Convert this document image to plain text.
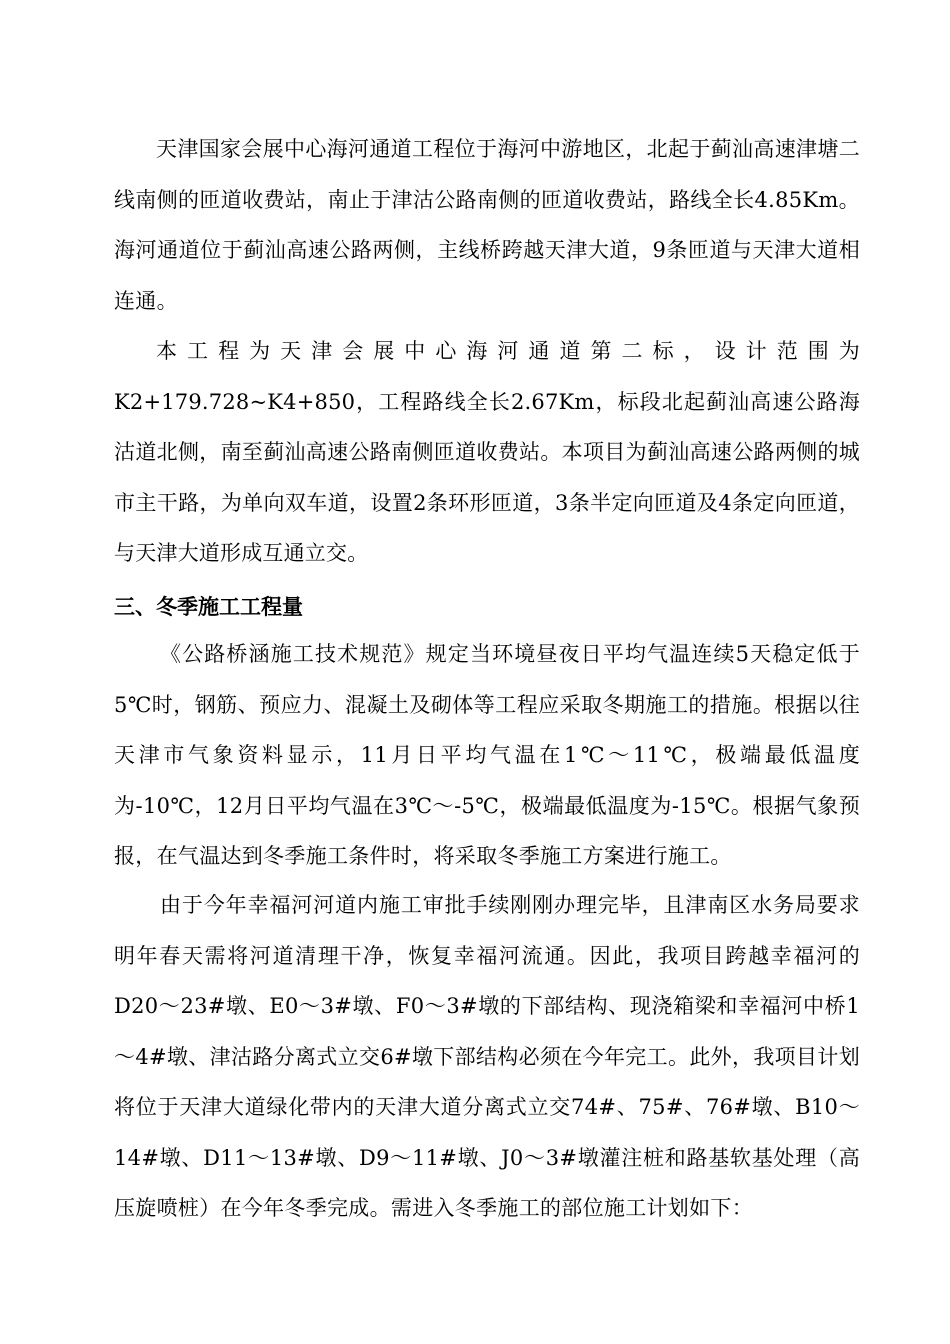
天津国家会展中心海河通道工程位于海河中游地区，北起于蓟汕高速津塘二线南侧的匝道收费站，南止于津沽公路南侧的匝道收费站，路线全长4.85Km。海河通道位于蓟汕高速公路两侧，主线桥跨越天津大道，9条匝道与天津大道相连通。

本工程为天津会展中心海河通道第二标，设计范围为K2+179.728~K4+850，工程路线全长2.67Km，标段北起蓟汕高速公路海沽道北侧，南至蓟汕高速公路南侧匝道收费站。本项目为蓟汕高速公路两侧的城市主干路，为单向双车道，设置2条环形匝道，3条半定向匝道及4条定向匝道，与天津大道形成互通立交。

三、冬季施工工程量

《公路桥涵施工技术规范》规定当环境昼夜日平均气温连续5天稳定低于5℃时，钢筋、预应力、混凝土及砌体等工程应采取冬期施工的措施。根据以往天津市气象资料显示，11月日平均气温在1℃～11℃，极端最低温度为-10℃，12月日平均气温在3℃～-5℃，极端最低温度为-15℃。根据气象预报，在气温达到冬季施工条件时，将采取冬季施工方案进行施工。

由于今年幸福河河道内施工审批手续刚刚办理完毕，且津南区水务局要求明年春天需将河道清理干净，恢复幸福河流通。因此，我项目跨越幸福河的D20～23#墩、E0～3#墩、F0～3#墩的下部结构、现浇箱梁和幸福河中桥1～4#墩、津沽路分离式立交6#墩下部结构必须在今年完工。此外，我项目计划将位于天津大道绿化带内的天津大道分离式立交74#、75#、76#墩、B10～14#墩、D11～13#墩、D9～11#墩、J0～3#墩灌注桩和路基软基处理（高压旋喷桩）在今年冬季完成。需进入冬季施工的部位施工计划如下：
